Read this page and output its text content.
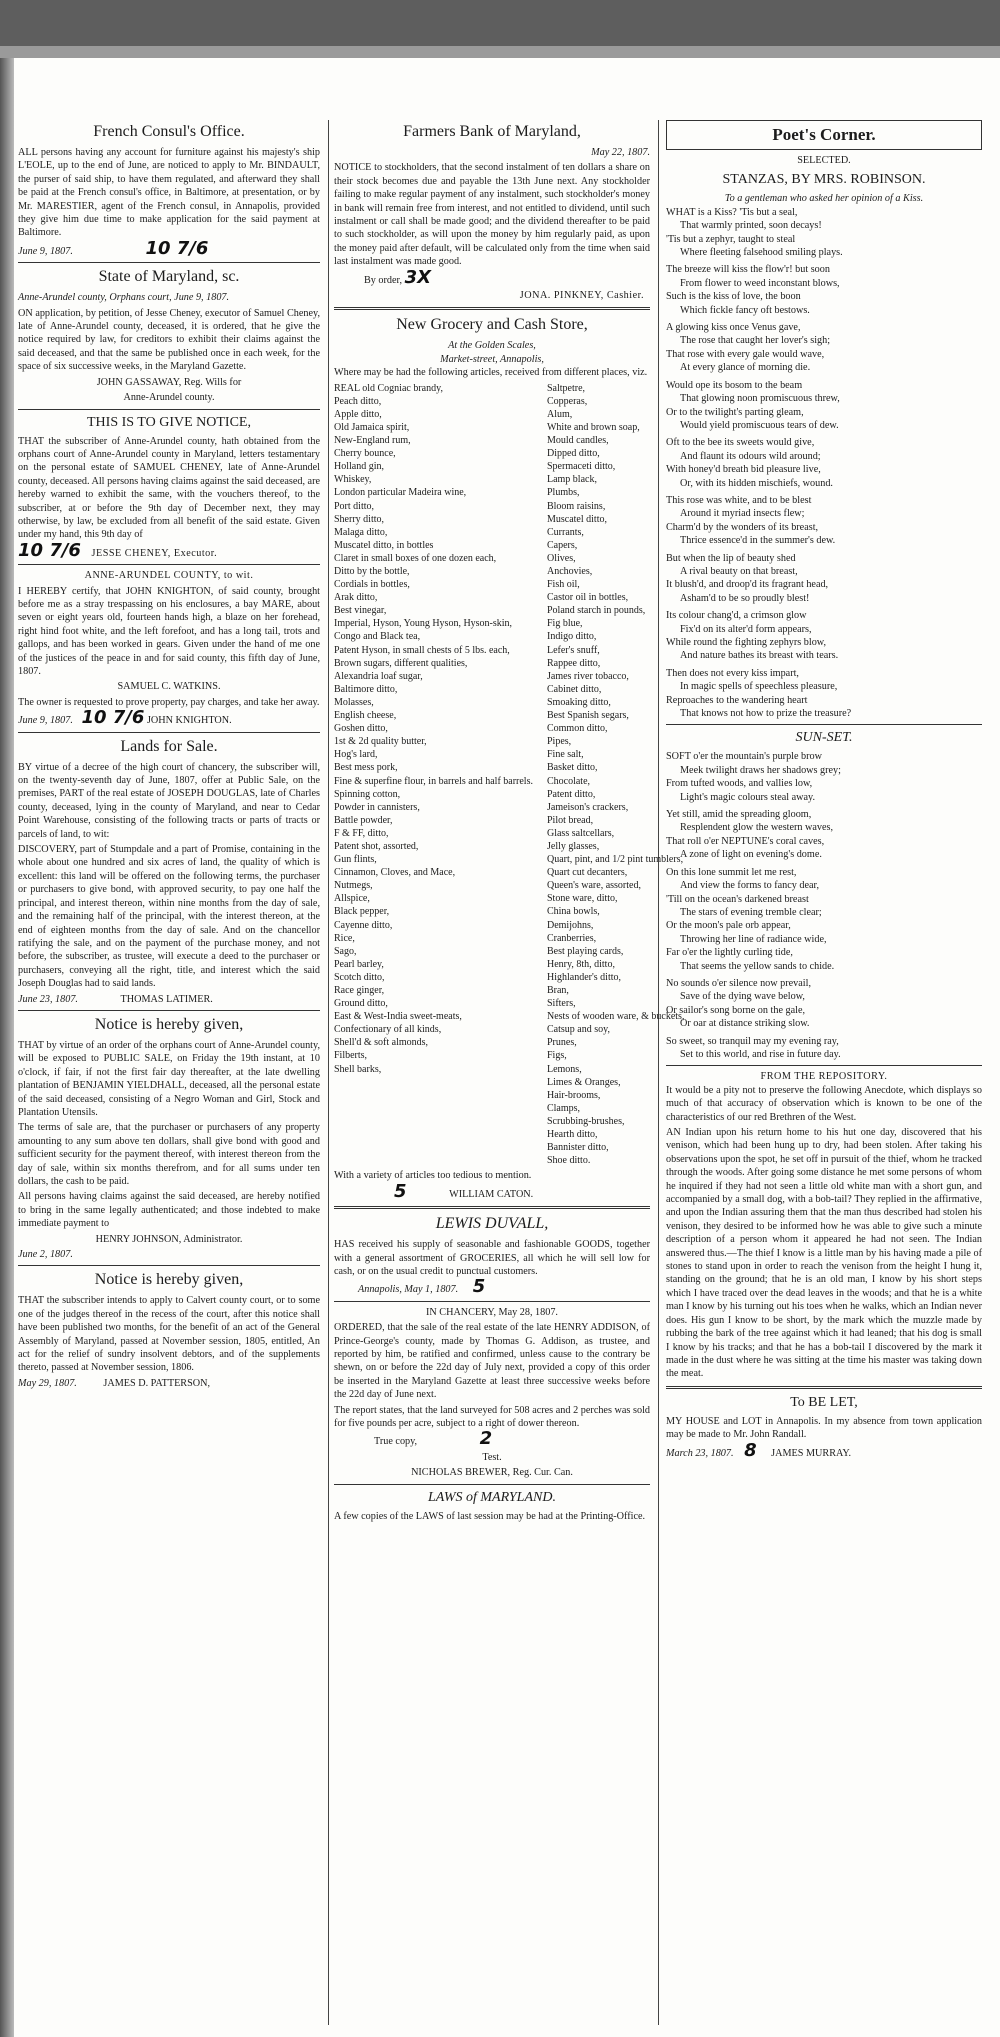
French Consul's Office.

ALL persons having any account for furniture against his majesty's ship L'EOLE, up to the end of June, are noticed to apply to Mr. BINDAULT, the purser of said ship, to have them regulated, and afterward they shall be paid at the French consul's office, in Baltimore, at presentation, or by Mr. MARESTIER, agent of the French consul, in Annapolis, provided they give him due time to make application for the said payment at Baltimore.

June 9, 1807.	10 7/6
State of Maryland, sc.

Anne-Arundel county, Orphans court, June 9, 1807.

ON application, by petition, of Jesse Cheney, executor of Samuel Cheney, late of Anne-Arundel county, deceased, it is ordered, that he give the notice required by law, for creditors to exhibit their claims against the said deceased, and that the same be published once in each week, for the space of six successive weeks, in the Maryland Gazette.

JOHN GASSAWAY, Reg. Wills for
Anne-Arundel county.
THIS IS TO GIVE NOTICE,

THAT the subscriber of Anne-Arundel county, hath obtained from the orphans court of Anne-Arundel county in Maryland, letters testamentary on the personal estate of SAMUEL CHENEY, late of Anne-Arundel county, deceased. All persons having claims against the said deceased, are hereby warned to exhibit the same, with the vouchers thereof, to the subscriber, at or before the 9th day of December next, they may otherwise, by law, be excluded from all benefit of the said estate. Given under my hand, this 9th day of

10 7/6 JESSE CHENEY, Executor.
ANNE-ARUNDEL COUNTY, to wit.

I HEREBY certify, that JOHN KNIGHTON, of said county, brought before me as a stray trespassing on his enclosures, a bay MARE, about seven or eight years old, fourteen hands high, a blaze on her forehead, right hind foot white, and the left forefoot, and has a long tail, trots and gallops, and has been worked in gears. Given under the hand of me one of the justices of the peace in and for said county, this fifth day of June, 1807.

SAMUEL C. WATKINS.

The owner is requested to prove property, pay charges, and take her away.

June 9, 1807. 10 7/6 JOHN KNIGHTON.
Lands for Sale.

BY virtue of a decree of the high court of chancery, the subscriber will, on the twenty-seventh day of June, 1807, offer at Public Sale, on the premises, PART of the real estate of JOSEPH DOUGLAS, late of Charles county, deceased, lying in the county of Maryland, and near to Cedar Point Warehouse, consisting of the following tracts or parts of tracts or parcels of land, to wit:

DISCOVERY, part of Stumpdale and a part of Promise, containing in the whole about one hundred and six acres of land, the quality of which is excellent: this land will be offered on the following terms, the purchaser or purchasers to give bond, with approved security, to pay one half the principal, and interest thereon, within nine months from the day of sale, and the remaining half of the principal, with the interest thereon, at the end of eighteen months from the day of sale. And on the chancellor ratifying the sale, and on the payment of the purchase money, and not before, the subscriber, as trustee, will execute a deed to the purchaser or purchasers, conveying all the right, title, and interest which the said Joseph Douglas had to said lands.

June 23, 1807.	THOMAS LATIMER.
Notice is hereby given,

THAT by virtue of an order of the orphans court of Anne-Arundel county, will be exposed to PUBLIC SALE, on Friday the 19th instant, at 10 o'clock, if fair, if not the first fair day thereafter, at the late dwelling plantation of BENJAMIN YIELDHALL, deceased, all the personal estate of the said deceased, consisting of a Negro Woman and Girl, Stock and Plantation Utensils.

The terms of sale are, that the purchaser or purchasers of any property amounting to any sum above ten dollars, shall give bond with good and sufficient security for the payment thereof, with interest thereon from the day of sale, within six months therefrom, and for all sums under ten dollars, the cash to be paid.

All persons having claims against the said deceased, are hereby notified to bring in the same legally authenticated; and those indebted to make immediate payment to

HENRY JOHNSON, Administrator.
June 2, 1807.
Notice is hereby given,

THAT the subscriber intends to apply to Calvert county court, or to some one of the judges thereof in the recess of the court, after this notice shall have been published two months, for the benefit of an act of the General Assembly of Maryland, passed at November session, 1805, entitled, An act for the relief of sundry insolvent debtors, and of the supplements thereto, passed at November session, 1806.

May 29, 1807.	JAMES D. PATTERSON,
Farmers Bank of Maryland,
May 22, 1807.

NOTICE to stockholders, that the second instalment of ten dollars a share on their stock becomes due and payable the 13th June next. Any stockholder failing to make regular payment of any instalment, such stockholder's money in bank will remain free from interest, and not entitled to dividend, until such instalment or call shall be made good; and the dividend thereafter to be paid to such stockholder, as will upon the money by him regularly paid, as upon the money paid after default, will be calculated only from the time when said last instalment was made good.

By order, 3X
JONA. PINKNEY, Cashier.
New Grocery and Cash Store,
At the Golden Scales,
Market-street, Annapolis,

Where may be had the following articles, received from different places, viz.

REAL old Cogniac brandy,
Peach ditto,
Apple ditto,
Old Jamaica spirit,
New-England rum,
Cherry bounce,
Holland gin,
Whiskey,
London particular Madeira wine,
Port ditto,
Sherry ditto,
Malaga ditto,
Muscatel ditto, in bottles
Claret in small boxes of one dozen each,
Ditto by the bottle,
Cordials in bottles,
Arak ditto,
Best vinegar,
Imperial, Hyson, Young Hyson, Hyson-skin,
Congo and Black tea,
Patent Hyson, in small chests of 5 lbs. each,
Brown sugars, different qualities,
Alexandria loaf sugar,
Baltimore ditto,
Molasses,
English cheese,
Goshen ditto,
1st & 2d quality butter,
Hog's lard,
Best mess pork,
Fine & superfine flour, in barrels and half barrels.
Spinning cotton,
Powder in cannisters,
Battle powder,
F & FF, ditto,
Patent shot, assorted,
Gun flints,
Cinnamon, Cloves, and Mace,
Nutmegs,
Allspice,
Black pepper,
Cayenne ditto,
Rice,
Sago,
Pearl barley,
Scotch ditto,
Race ginger,
Ground ditto,
East & West-India sweet-meats,
Confectionary of all kinds,
Shell'd & soft almonds,
Filberts,
Shell barks,
Saltpetre,
Copperas,
Alum,
White and brown soap,
Mould candles,
Dipped ditto,
Spermaceti ditto,
Lamp black,
Plumbs,
Bloom raisins,
Muscatel ditto,
Currants,
Capers,
Olives,
Anchovies,
Fish oil,
Castor oil in bottles,
Poland starch in pounds,
Fig blue,
Indigo ditto,
Lefer's snuff,
Rappee ditto,
James river tobacco,
Cabinet ditto,
Smoaking ditto,
Best Spanish segars,
Common ditto,
Pipes,
Fine salt,
Basket ditto,
Chocolate,
Patent ditto,
Jameison's crackers,
Pilot bread,
Glass saltcellars,
Jelly glasses,
Quart, pint, and 1/2 pint tumblers,
Quart cut decanters,
Queen's ware, assorted,
Stone ware, ditto,
China bowls,
Demijohns,
Cranberries,
Best playing cards,
Henry, 8th, ditto,
Highlander's ditto,
Bran,
Sifters,
Nests of wooden ware, & buckets,
Catsup and soy,
Prunes,
Figs,
Lemons,
Limes & Oranges,
Hair-brooms,
Clamps,
Scrubbing-brushes,
Hearth ditto,
Bannister ditto,
Shoe ditto.

With a variety of articles too tedious to mention.

5	WILLIAM CATON.
LEWIS DUVALL,

HAS received his supply of seasonable and fashionable GOODS, together with a general assortment of GROCERIES, all which he will sell low for cash, or on the usual credit to punctual customers.

Annapolis, May 1, 1807. 5
IN CHANCERY, May 28, 1807.

ORDERED, that the sale of the real estate of the late HENRY ADDISON, of Prince-George's county, made by Thomas G. Addison, as trustee, and reported by him, be ratified and confirmed, unless cause to the contrary be shewn, on or before the 22d day of July next, provided a copy of this order be inserted in the Maryland Gazette at least three successive weeks before the 22d day of June next.

The report states, that the land surveyed for 508 acres and 2 perches was sold for five pounds per acre, subject to a right of dower thereon.

True copy,	2
Test.
NICHOLAS BREWER, Reg. Cur. Can.
LAWS of MARYLAND.

A few copies of the LAWS of last session may be had at the Printing-Office.

Poet's Corner.
SELECTED.
STANZAS, BY MRS. ROBINSON.
To a gentleman who asked her opinion of a Kiss.
WHAT is a Kiss? 'Tis but a seal,
That warmly printed, soon decays!
'Tis but a zephyr, taught to steal
Where fleeting falsehood smiling plays.
The breeze will kiss the flow'r! but soon
From flower to weed inconstant blows,
Such is the kiss of love, the boon
Which fickle fancy oft bestows.
A glowing kiss once Venus gave,
The rose that caught her lover's sigh;
That rose with every gale would wave,
At every glance of morning die.
Would ope its bosom to the beam
That glowing noon promiscuous threw,
Or to the twilight's parting gleam,
Would yield promiscuous tears of dew.
Oft to the bee its sweets would give,
And flaunt its odours wild around;
With honey'd breath bid pleasure live,
Or, with its hidden mischiefs, wound.
This rose was white, and to be blest
Around it myriad insects flew;
Charm'd by the wonders of its breast,
Thrice essence'd in the summer's dew.
But when the lip of beauty shed
A rival beauty on that breast,
It blush'd, and droop'd its fragrant head,
Asham'd to be so proudly blest!
Its colour chang'd, a crimson glow
Fix'd on its alter'd form appears,
While round the fighting zephyrs blow,
And nature bathes its breast with tears.
Then does not every kiss impart,
In magic spells of speechless pleasure,
Reproaches to the wandering heart
That knows not how to prize the treasure?
SUN-SET.
SOFT o'er the mountain's purple brow
Meek twilight draws her shadows grey;
From tufted woods, and vallies low,
Light's magic colours steal away.
Yet still, amid the spreading gloom,
Resplendent glow the western waves,
That roll o'er NEPTUNE's coral caves,
A zone of light on evening's dome.
On this lone summit let me rest,
And view the forms to fancy dear,
'Till on the ocean's darkened breast
The stars of evening tremble clear;
Or the moon's pale orb appear,
Throwing her line of radiance wide,
Far o'er the lightly curling tide,
That seems the yellow sands to chide.
No sounds o'er silence now prevail,
Save of the dying wave below,
Or sailor's song borne on the gale,
Or oar at distance striking slow.
So sweet, so tranquil may my evening ray,
Set to this world, and rise in future day.
FROM THE REPOSITORY.

It would be a pity not to preserve the following Anecdote, which displays so much of that accuracy of observation which is known to be one of the characteristics of our red Brethren of the West.

AN Indian upon his return home to his hut one day, discovered that his venison, which had been hung up to dry, had been stolen. After taking his observations upon the spot, he set off in pursuit of the thief, whom he tracked through the woods. After going some distance he met some persons of whom he inquired if they had not seen a little old white man with a short gun, and accompanied by a small dog, with a bob-tail? They replied in the affirmative, and upon the Indian assuring them that the man thus described had stolen his venison, they desired to be informed how he was able to give such a minute description of a person whom it appeared he had not seen. The Indian answered thus.—The thief I know is a little man by his having made a pile of stones to stand upon in order to reach the venison from the height I hung it, standing on the ground; that he is an old man, I know by his short steps which I have traced over the dead leaves in the woods; and that he is a white man I know by his turning out his toes when he walks, which an Indian never does. His gun I know to be short, by the mark which the muzzle made by rubbing the bark of the tree against which it had leaned; that his dog is small I know by his tracks; and that he has a bob-tail I discovered by the mark it made in the dust where he was sitting at the time his master was taking down the meat.

To BE LET,

MY HOUSE and LOT in Annapolis. In my absence from town application may be made to Mr. John Randall.

March 23, 1807. 8 JAMES MURRAY.
